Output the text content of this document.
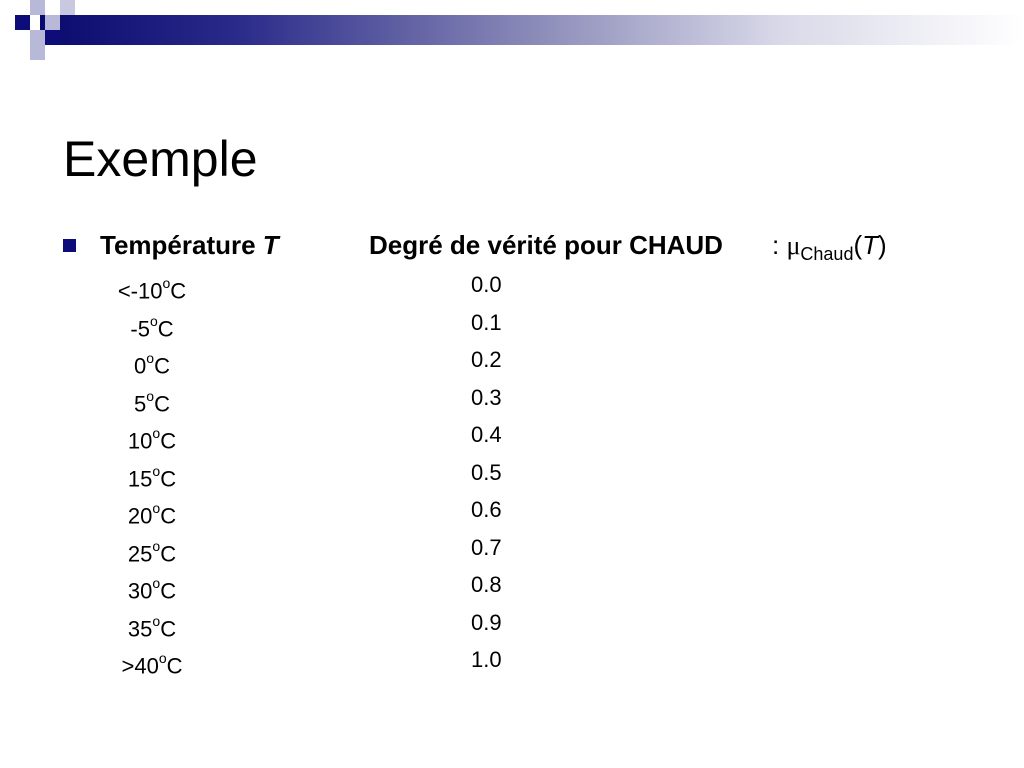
Exemple
Température T	Degré de vérité pour CHAUD : $\mu_{Chaud}(T)$
$<-10^oC$	0.0
-5$^o$C	0.1
0$^o$C	0.2
5$^o$C	0.3
10$^o$C	0.4
15$^o$C	0.5
20$^o$C	0.6
25$^o$C	0.7
30$^o$C	0.8
35$^o$C	0.9
$>40^oC$	1.0
